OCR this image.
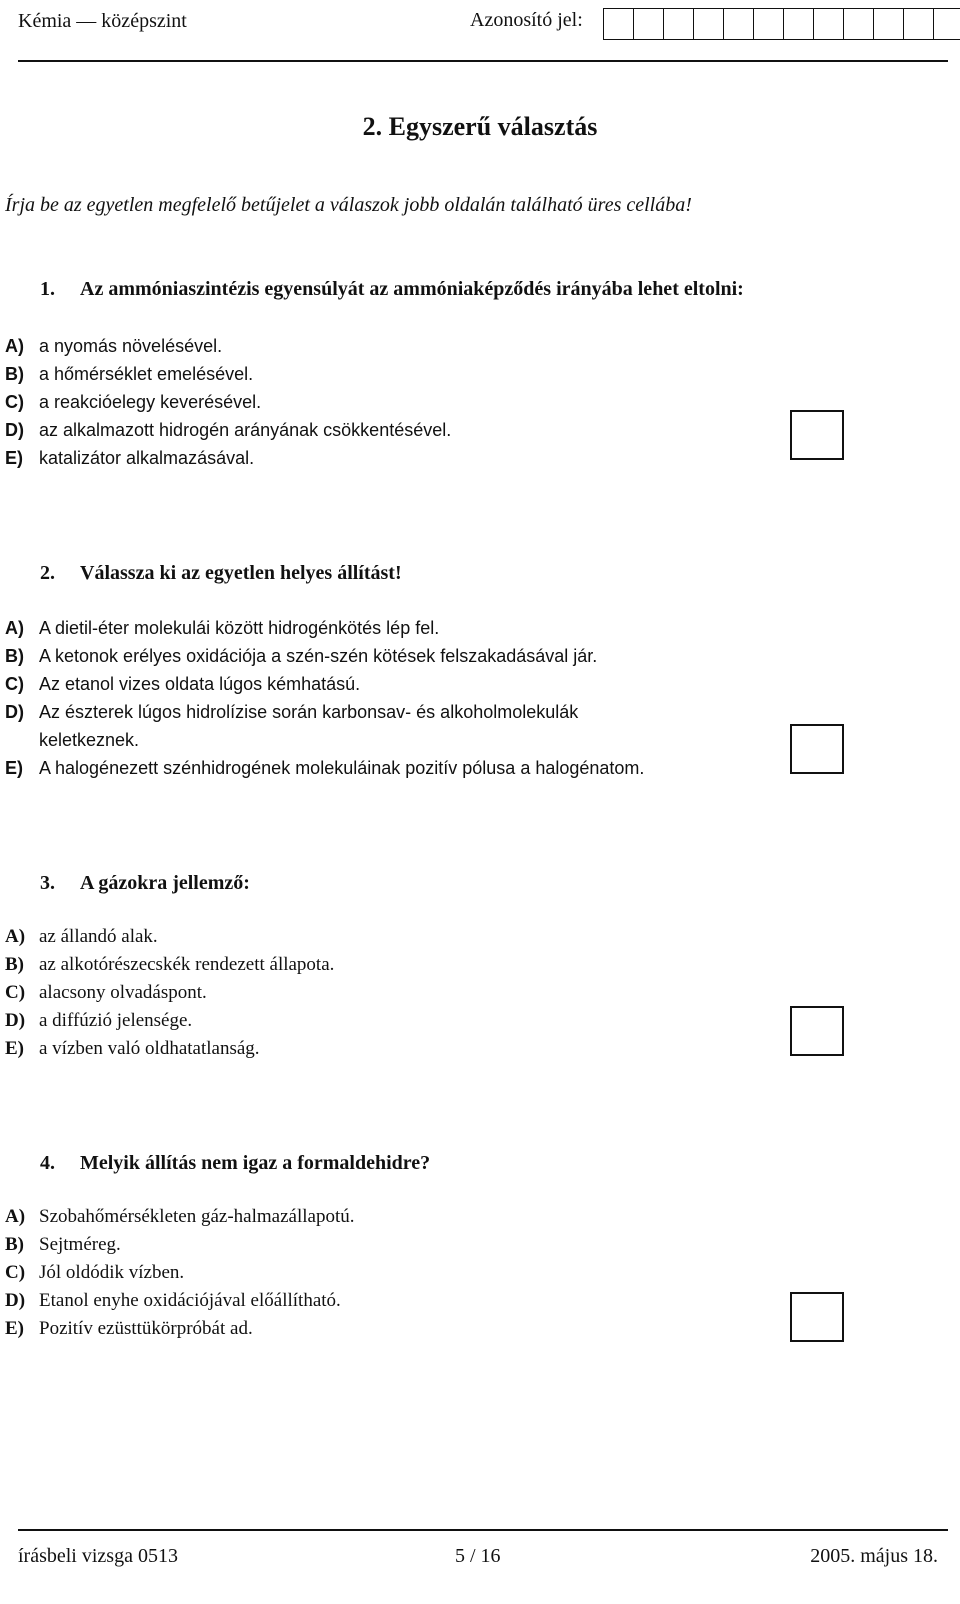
Kémia — középszint	Azonosító jel:
2. Egyszerű választás
Írja be az egyetlen megfelelő betűjelet a válaszok jobb oldalán található üres cellába!
1. Az ammóniaszintézis egyensúlyát az ammóniaképződés irányába lehet eltolni:
A) a nyomás növelésével.
B) a hőmérséklet emelésével.
C) a reakcióelegy keverésével.
D) az alkalmazott hidrogén arányának csökkentésével.
E) katalizátor alkalmazásával.
2. Válassza ki az egyetlen helyes állítást!
A) A dietil-éter molekulái között hidrogénkötés lép fel.
B) A ketonok erélyes oxidációja a szén-szén kötések felszakadásával jár.
C) Az etanol vizes oldata lúgos kémhatású.
D) Az észterek lúgos hidrolízise során karbonsav- és alkoholmolekulák
keletkeznek.
E) A halogénezett szénhidrogének molekuláinak pozitív pólusa a halogénatom.
3. A gázokra jellemző:
A) az állandó alak.
B) az alkotórészecskék rendezett állapota.
C) alacsony olvadáspont.
D) a diffúzió jelensége.
E) a vízben való oldhatatlanság.
4. Melyik állítás nem igaz a formaldehidre?
A) Szobahőmérsékleten gáz-halmazállapotú.
B) Sejtméreg.
C) Jól oldódik vízben.
D) Etanol enyhe oxidációjával előállítható.
E) Pozitív ezüsttükörpróbát ad.
írásbeli vizsga 0513	5 / 16	2005. május 18.
